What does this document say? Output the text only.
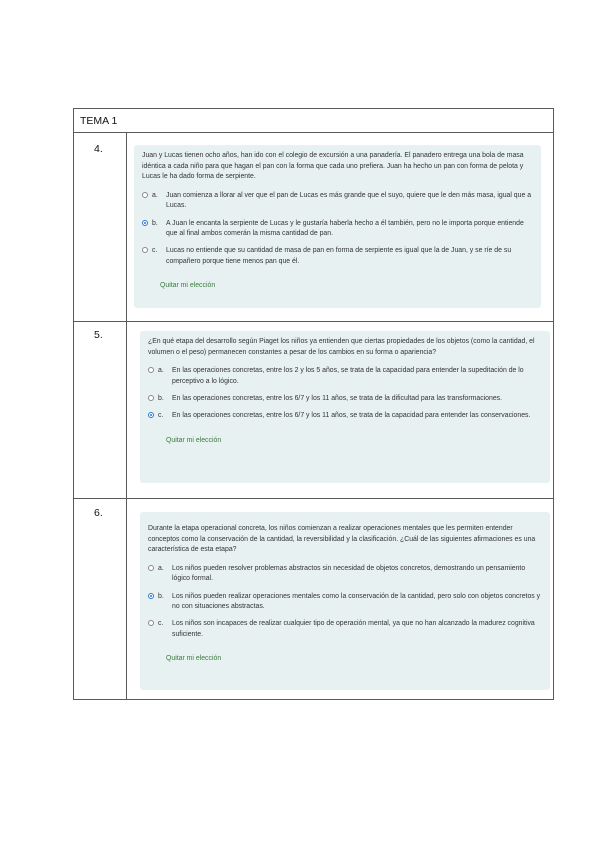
TEMA 1
4.

Juan y Lucas tienen ocho años, han ido con el colegio de excursión a una panadería. El panadero entrega una bola de masa idéntica a cada niño para que hagan el pan con la forma que cada uno prefiera. Juan ha hecho un pan con forma de pelota y Lucas le ha dado forma de serpiente.

a.	Juan comienza a llorar al ver que el pan de Lucas es más grande que el suyo, quiere que le den más masa, igual que a Lucas.
b.	A Juan le encanta la serpiente de Lucas y le gustaría haberla hecho a él también, pero no le importa porque entiende que al final ambos comerán la misma cantidad de pan.
c.	Lucas no entiende que su cantidad de masa de pan en forma de serpiente es igual que la de Juan, y se ríe de su compañero porque tiene menos pan que él.
Quitar mi elección
5.

¿En qué etapa del desarrollo según Piaget los niños ya entienden que ciertas propiedades de los objetos (como la cantidad, el volumen o el peso) permanecen constantes a pesar de los cambios en su forma o apariencia?

a.	En las operaciones concretas, entre los 2 y los 5 años, se trata de la capacidad para entender la supeditación de lo perceptivo a lo lógico.
b.	En las operaciones concretas, entre los 6/7 y los 11 años, se trata de la dificultad para las transformaciones.
c.	En las operaciones concretas, entre los 6/7 y los 11 años, se trata de la capacidad para entender las conservaciones.
Quitar mi elección
6.

Durante la etapa operacional concreta, los niños comienzan a realizar operaciones mentales que les permiten entender conceptos como la conservación de la cantidad, la reversibilidad y la clasificación. ¿Cuál de las siguientes afirmaciones es una característica de esta etapa?

a.	Los niños pueden resolver problemas abstractos sin necesidad de objetos concretos, demostrando un pensamiento lógico formal.
b.	Los niños pueden realizar operaciones mentales como la conservación de la cantidad, pero solo con objetos concretos y no con situaciones abstractas.
c.	Los niños son incapaces de realizar cualquier tipo de operación mental, ya que no han alcanzado la madurez cognitiva suficiente.
Quitar mi elección
